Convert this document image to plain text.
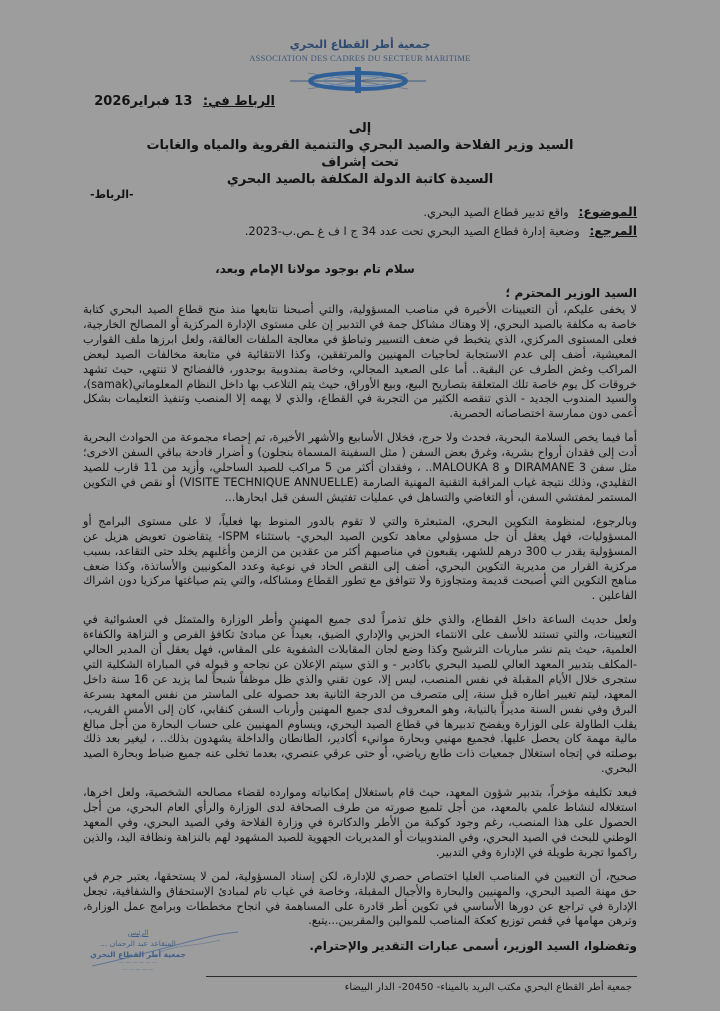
جمعية أطر القطاع البحري
ASSOCIATION DES CADRES DU SECTEUR MARITIME
الرباط في: 13 فبراير2026
إلى
السيد وزير الفلاحة والصيد البحري والتنمية القروية والمياه والغابات
تحت إشراف
السيدة كاتبة الدولة المكلفة بالصيد البحري
-الرباط-
الموضوع: واقع تدبير قطاع الصيد البحري.
المرجع: وضعية إدارة قطاع الصيد البحري تحت عدد 34 ج ا ف غ ـص.ب-2023.
سلام تام بوجود مولانا الإمام وبعد،
السيد الوزير المحترم ؛

لا يخفى عليكم، أن التعيينات الأخيرة في مناصب المسؤولية، والتي أصبحنا نتابعها منذ منح قطاع الصيد البحري كتابة خاصة به مكلفة بالصيد البحري، إلا وهناك مشاكل جمة في التدبير إن على مستوى الإدارة المركزية أو المصالح الخارجية، فعلى المستوى المركزي، الذي يتخبط في ضعف التسيير وتباطؤ في معالجة الملفات العالقة، ولعل ابرزها ملف القوارب المعيشية، أضف إلى عدم الاستجابة لحاجيات المهنيين والمرتفقين، وكذا الانتقائية في متابعة مخالفات الصيد لبعض المراكب وغض الطرف عن البقية.. أما على الصعيد المجالي، وخاصة بمندوبية بوجدور، فالفضائح لا تنتهي، حيث تشهد خروقات كل يوم خاصة تلك المتعلقة بتصاريح البيع، وبيع الأوراق، حيث يتم التلاعب بها داخل النظام المعلوماتي(samak)، والسيد المندوب الجديد - الذي تنقصه الكثير من التجربة في القطاع، والذي لا يهمه إلا المنصب وتنفيذ التعليمات بشكل أعمى دون ممارسة اختصاصاته الحصرية.

أما فيما يخص السلامة البحرية، فحدث ولا حرج، فخلال الأسابيع والأشهر الأخيرة، تم إحصاء مجموعة من الحوادث البحرية أدت إلى فقدان أرواح بشرية، وغرق بعض السفن ( مثل السفينة المسماة بنجلون) و أضرار فادحة بباقي السفن الاخرى؛ مثل سفن DIRAMANE 3 و MALOUKA 8.. ، وفقدان أكثر من 5 مراكب للصيد الساحلي، وأزيد من 11 قارب للصيد التقليدي، وذلك نتيجة غياب المراقبة التقنية المهنية الصارمة (VISITE TECHNIQUE ANNUELLE) أو نقص في التكوين المستمر لمفتشي السفن، أو التغاضي والتساهل في عمليات تفتيش السفن قبل ابحارها...

وبالرجوع، لمنظومة التكوين البحري، المتبعثرة والتي لا تقوم بالدور المنوط بها فعلياً، لا على مستوى البرامج أو المسؤوليات، فهل يعقل أن جل مسؤولي معاهد تكوين الصيد البحري- باستثناء ISPM- يتقاضون تعويض هزيل عن المسؤولية يقدر ب 300 درهم للشهر، يقبعون في مناصبهم أكثر من عقدين من الزمن وأغلبهم يخلد حتى التقاعد، بسبب مركزية القرار من مديرية التكوين البحري، أضف إلى النقص الحاد في نوعية وعدد المكونيين والأساتذة، وكذا ضعف مناهج التكوين التي أصبحت قديمة ومتجاوزة ولا تتوافق مع تطور القطاع ومشاكله، والتي يتم صياغتها مركزيا دون اشراك الفاعلين .

ولعل حديث الساعة داخل القطاع، والذي خلق تذمراً لدى جميع المهنين وأطر الوزارة والمتمثل في العشوائية في التعيينات، والتي تستند للأسف على الانتماء الحزبي والإداري الضيق، بعيداً عن مبادئ تكافؤ الفرص و النزاهة والكفاءة العلمية، حيث يتم نشر مباريات الترشيح وكذا وضع لجان المقابلات الشفوية على المقاس، فهل يعقل أن المدير الحالي -المكلف بتدبير المعهد العالي للصيد البحري باكادير - و الذي سيتم الإعلان عن نجاحه و قبوله في المباراة الشكلية التي ستجرى خلال الأيام المقبلة في نفس المنصب، ليس إلا، عون تقني والذي ظل موظفاً شبحاً لما يزيد عن 16 سنة داخل المعهد، ليتم تغيير اطاره قبل سنة، إلى متصرف من الدرجة الثانية بعد حصوله على الماستر من نفس المعهد بسرعة البرق وفي نفس السنة مديراً بالنيابة، وهو المعروف لدى جميع المهنين وأرباب السفن كنقابي، كان إلى الأمس القريب، يقلب الطاولة على الوزارة ويفضح تدبيرها في قطاع الصيد البحري، ويساوم المهنيين على حساب البحارة من أجل مبالغ مالية مهمة كان يحصل عليها. فجميع مهنيي وبحارة موانيء أكادير، الطانطان والداخلة يشهدون بذلك.. ، ليغير بعد ذلك بوصلته في إتجاه استغلال جمعيات ذات طابع رياضي، أو حتى عرقي عنصري، بعدما تخلى عنه جميع ضباط وبحارة الصيد البحري.

فبعد تكليفه مؤخراً، بتدبير شؤون المعهد، حيث قام باستغلال إمكانياته وموارده لقضاء مصالحه الشخصية، ولعل اخرها، استغلاله لنشاط علمي بالمعهد، من أجل تلميع صورته من طرف الصحافة لدى الوزارة والرأي العام البحري، من أجل الحصول على هذا المنصب، رغم وجود كوكبة من الأطر والدكاترة في وزارة الفلاحة وفي الصيد البحري، وفي المعهد الوطني للبحث في الصيد البحري، وفي المندوبيات أو المديريات الجهوية للصيد المشهود لهم بالنزاهة ونظافة اليد، والذين راكموا تجربة طويلة في الإدارة وفي التدبير.

صحيح، أن التعيين في المناصب العليا اختصاص حصري للإدارة، لكن إسناد المسؤولية، لمن لا يستحقها، يعتبر جرم في حق مهنة الصيد البحري، والمهنيين والبحارة والأجيال المقبلة، وخاصة في غياب تام لمبادئ الإستحقاق والشفافية، تجعل الإدارة في تراجع عن دورها الأساسي في تكوين أطر قادرة على المساهمة في انجاح مخططات وبرامج عمل الوزارة، وترهن مهامها في قفص توزيع كعكة المناصب للموالين والمقربين...يتبع.

وتفضلوا، السيد الوزير، أسمى عبارات التقدير والإحترام.
الرئيس
المتقاعد عبد الرحمان ...
جمعية أطر القطاع البحري
— — — — — —
— — — — —
جمعية أطر القطاع البحري مكتب البريد بالميناء- 20450- الدار البيضاء
